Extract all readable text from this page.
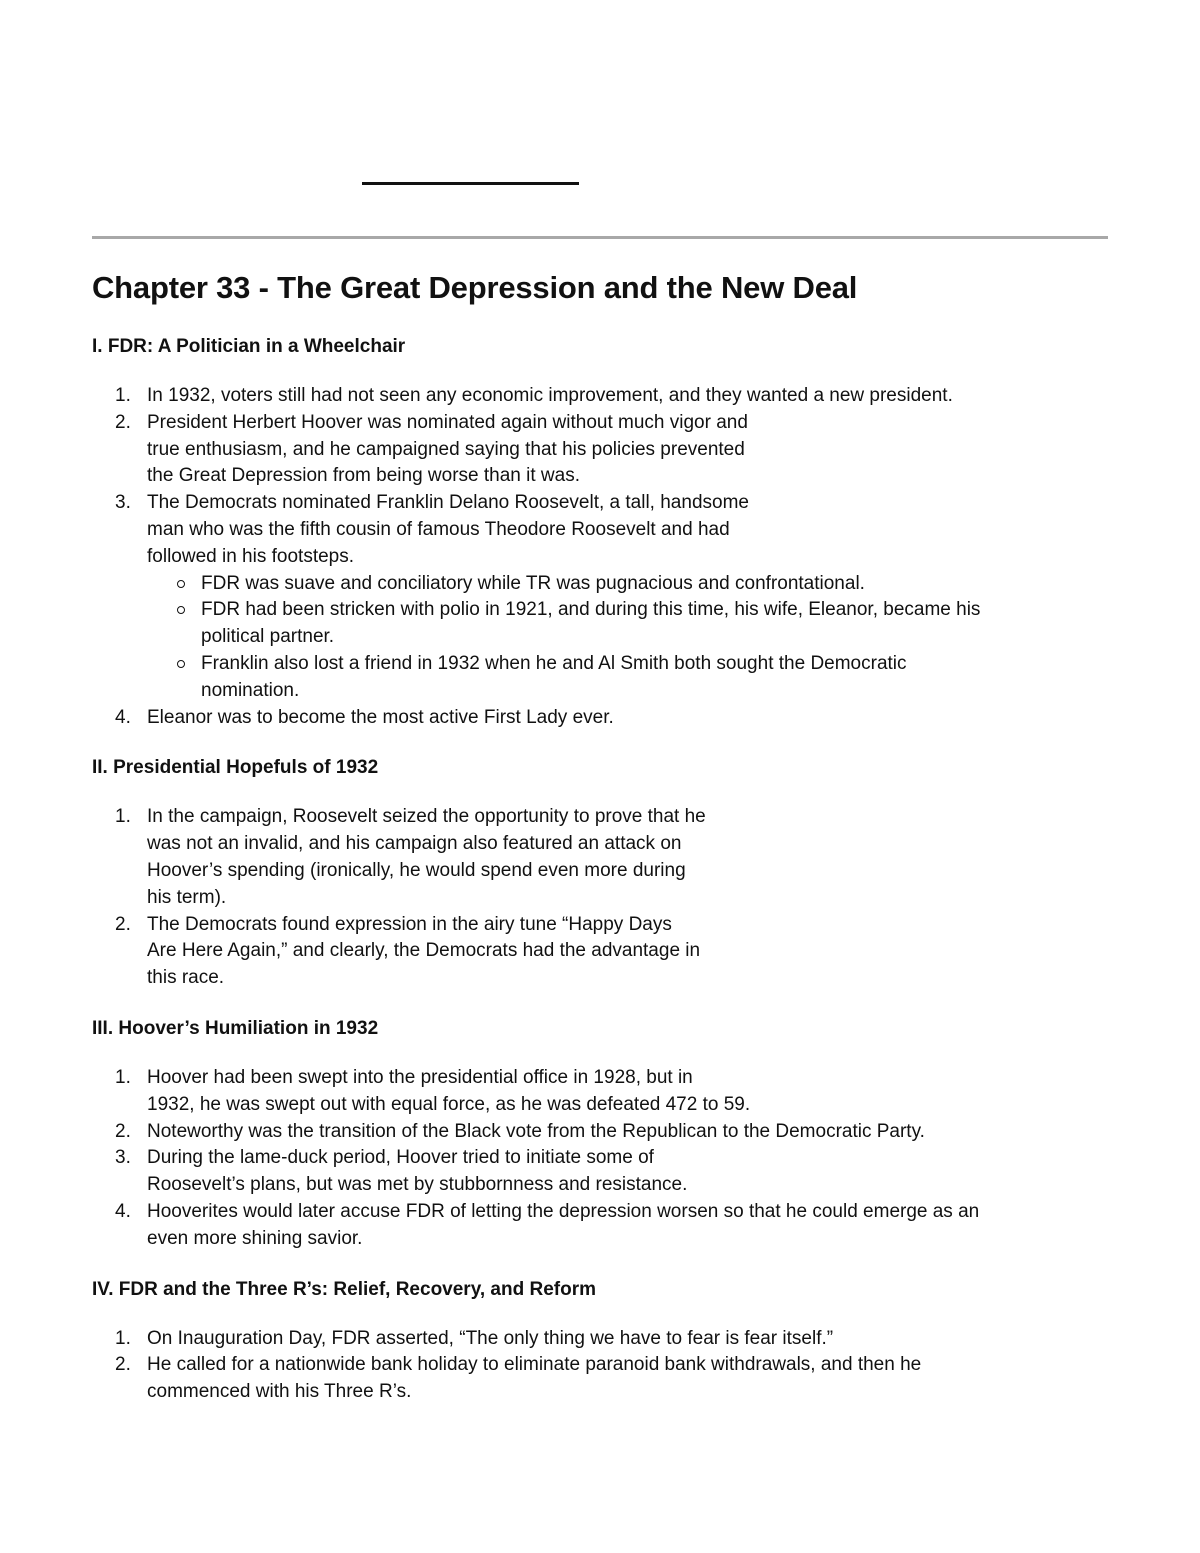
Chapter 33 - The Great Depression and the New Deal
I. FDR: A Politician in a Wheelchair
1. In 1932, voters still had not seen any economic improvement, and they wanted a new president.
2. President Herbert Hoover was nominated again without much vigor and
true enthusiasm, and he campaigned saying that his policies prevented
the Great Depression from being worse than it was.
3. The Democrats nominated Franklin Delano Roosevelt, a tall, handsome
man who was the fifth cousin of famous Theodore Roosevelt and had
followed in his footsteps.
FDR was suave and conciliatory while TR was pugnacious and confrontational.
FDR had been stricken with polio in 1921, and during this time, his wife, Eleanor, became his
political partner.
Franklin also lost a friend in 1932 when he and Al Smith both sought the Democratic
nomination.
4. Eleanor was to become the most active First Lady ever.
II. Presidential Hopefuls of 1932
1. In the campaign, Roosevelt seized the opportunity to prove that he
was not an invalid, and his campaign also featured an attack on
Hoover’s spending (ironically, he would spend even more during
his term).
2. The Democrats found expression in the airy tune “Happy Days
Are Here Again,” and clearly, the Democrats had the advantage in
this race.
III. Hoover’s Humiliation in 1932
1. Hoover had been swept into the presidential office in 1928, but in
1932, he was swept out with equal force, as he was defeated 472 to 59.
2. Noteworthy was the transition of the Black vote from the Republican to the Democratic Party.
3. During the lame-duck period, Hoover tried to initiate some of
Roosevelt’s plans, but was met by stubbornness and resistance.
4. Hooverites would later accuse FDR of letting the depression worsen so that he could emerge as an
even more shining savior.
IV. FDR and the Three R’s: Relief, Recovery, and Reform
1. On Inauguration Day, FDR asserted, “The only thing we have to fear is fear itself.”
2. He called for a nationwide bank holiday to eliminate paranoid bank withdrawals, and then he
commenced with his Three R’s.
